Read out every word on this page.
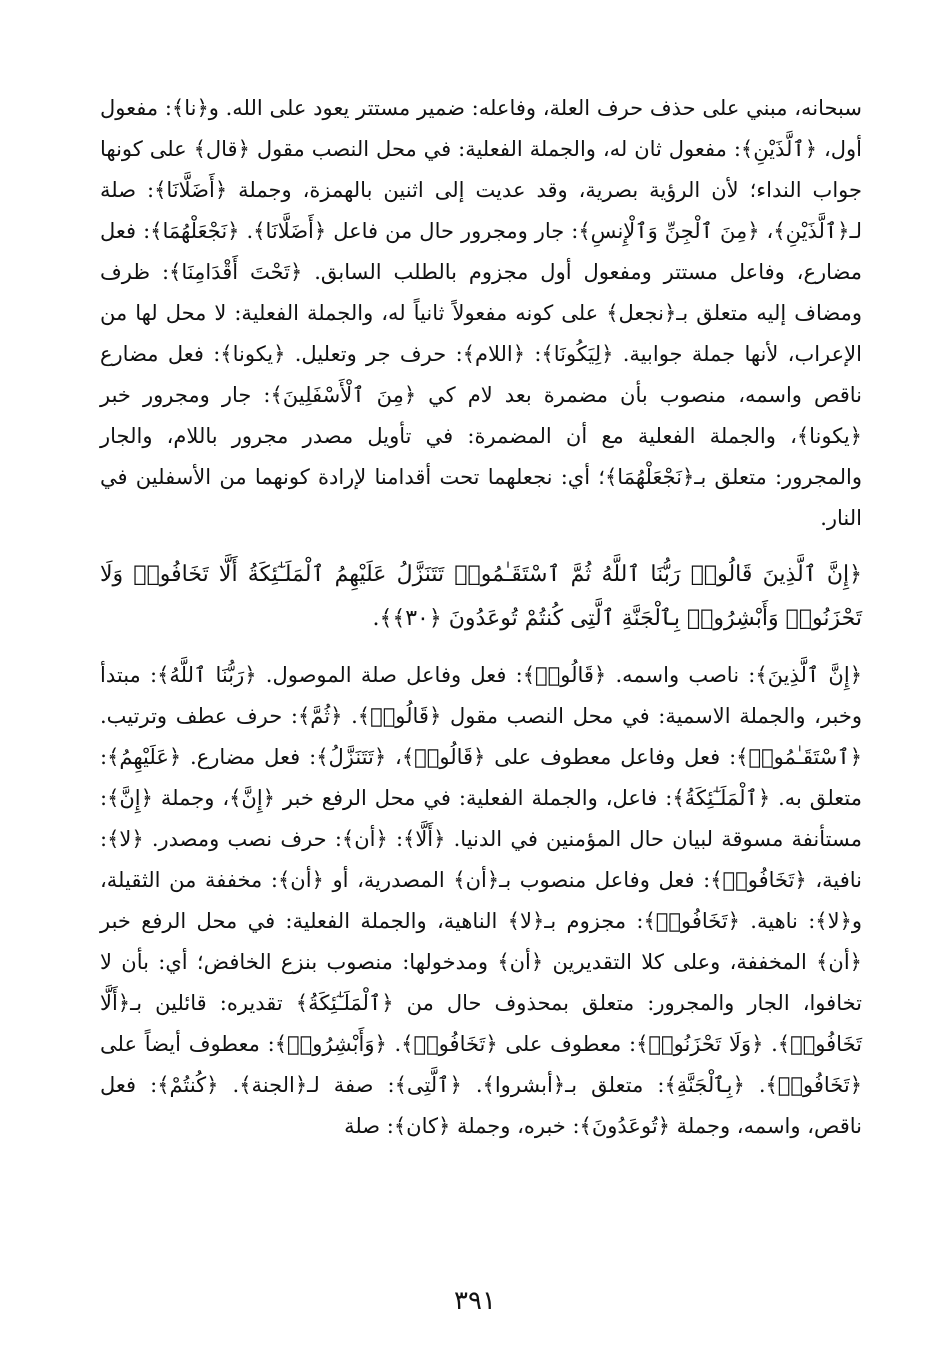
سبحانه، مبني على حذف حرف العلة، وفاعله: ضمير مستتر يعود على الله. و﴿نا﴾: مفعول أول، ﴿ٱلَّذَيْنِ﴾: مفعول ثان له، والجملة الفعلية: في محل النصب مقول ﴿قال﴾ على كونها جواب النداء؛ لأن الرؤية بصرية، وقد عديت إلى اثنين بالهمزة، وجملة ﴿أَضَلَّانَا﴾: صلة لـ﴿ٱلَّذَيْنِ﴾، ﴿مِنَ ٱلْجِنِّ وَٱلْإِنسِ﴾: جار ومجرور حال من فاعل ﴿أَضَلَّانَا﴾. ﴿نَجْعَلْهُمَا﴾: فعل مضارع، وفاعل مستتر ومفعول أول مجزوم بالطلب السابق. ﴿تَحْتَ أَقْدَامِنَا﴾: ظرف ومضاف إليه متعلق بـ﴿نجعل﴾ على كونه مفعولاً ثانياً له، والجملة الفعلية: لا محل لها من الإعراب، لأنها جملة جوابية. ﴿لِيَكُونَا﴾: ﴿اللام﴾: حرف جر وتعليل. ﴿يكونا﴾: فعل مضارع ناقص واسمه، منصوب بأن مضمرة بعد لام كي ﴿مِنَ ٱلْأَسْفَلِينَ﴾: جار ومجرور خبر ﴿يكونا﴾، والجملة الفعلية مع أن المضمرة: في تأويل مصدر مجرور باللام، والجار والمجرور: متعلق بـ﴿نَجْعَلْهُمَا﴾؛ أي: نجعلهما تحت أقدامنا لإرادة كونهما من الأسفلين في النار.

﴿إِنَّ ٱلَّذِينَ قَالُوا۟ رَبُّنَا ٱللَّهُ ثُمَّ ٱسْتَقَـٰمُوا۟ تَتَنَزَّلُ عَلَيْهِمُ ٱلْمَلَـٰٓئِكَةُ أَلَّا تَخَافُوا۟ وَلَا تَحْزَنُوا۟ وَأَبْشِرُوا۟ بِٱلْجَنَّةِ ٱلَّتِى كُنتُمْ تُوعَدُونَ ﴿٣٠﴾﴾.

﴿إِنَّ ٱلَّذِينَ﴾: ناصب واسمه. ﴿قَالُوا۟﴾: فعل وفاعل صلة الموصول. ﴿رَبُّنَا ٱللَّهُ﴾: مبتدأ وخبر، والجملة الاسمية: في محل النصب مقول ﴿قَالُوا۟﴾. ﴿ثُمَّ﴾: حرف عطف وترتيب. ﴿ٱسْتَقَـٰمُوا۟﴾: فعل وفاعل معطوف على ﴿قَالُوا۟﴾، ﴿تَتَنَزَّلُ﴾: فعل مضارع. ﴿عَلَيْهِمُ﴾: متعلق به. ﴿ٱلْمَلَـٰٓئِكَةُ﴾: فاعل، والجملة الفعلية: في محل الرفع خبر ﴿إِنَّ﴾، وجملة ﴿إِنَّ﴾: مستأنفة مسوقة لبيان حال المؤمنين في الدنيا. ﴿أَلَّا﴾: ﴿أن﴾: حرف نصب ومصدر. ﴿لا﴾: نافية، ﴿تَخَافُوا۟﴾: فعل وفاعل منصوب بـ﴿أن﴾ المصدرية، أو ﴿أن﴾: مخففة من الثقيلة، و﴿لا﴾: ناهية. ﴿تَخَافُوا۟﴾: مجزوم بـ﴿لا﴾ الناهية، والجملة الفعلية: في محل الرفع خبر ﴿أن﴾ المخففة، وعلى كلا التقديرين ﴿أن﴾ ومدخولها: منصوب بنزع الخافض؛ أي: بأن لا تخافوا، الجار والمجرور: متعلق بمحذوف حال من ﴿ٱلْمَلَـٰٓئِكَةُ﴾ تقديره: قائلين بـ﴿أَلَّا تَخَافُوا۟﴾. ﴿وَلَا تَحْزَنُوا۟﴾: معطوف على ﴿تَخَافُوا۟﴾. ﴿وَأَبْشِرُوا۟﴾: معطوف أيضاً على ﴿تَخَافُوا۟﴾. ﴿بِٱلْجَنَّةِ﴾: متعلق بـ﴿أبشروا﴾. ﴿ٱلَّتِى﴾: صفة لـ﴿الجنة﴾. ﴿كُنتُمْ﴾: فعل ناقص، واسمه، وجملة ﴿تُوعَدُونَ﴾: خبره، وجملة ﴿كان﴾: صلة

٣٩١
